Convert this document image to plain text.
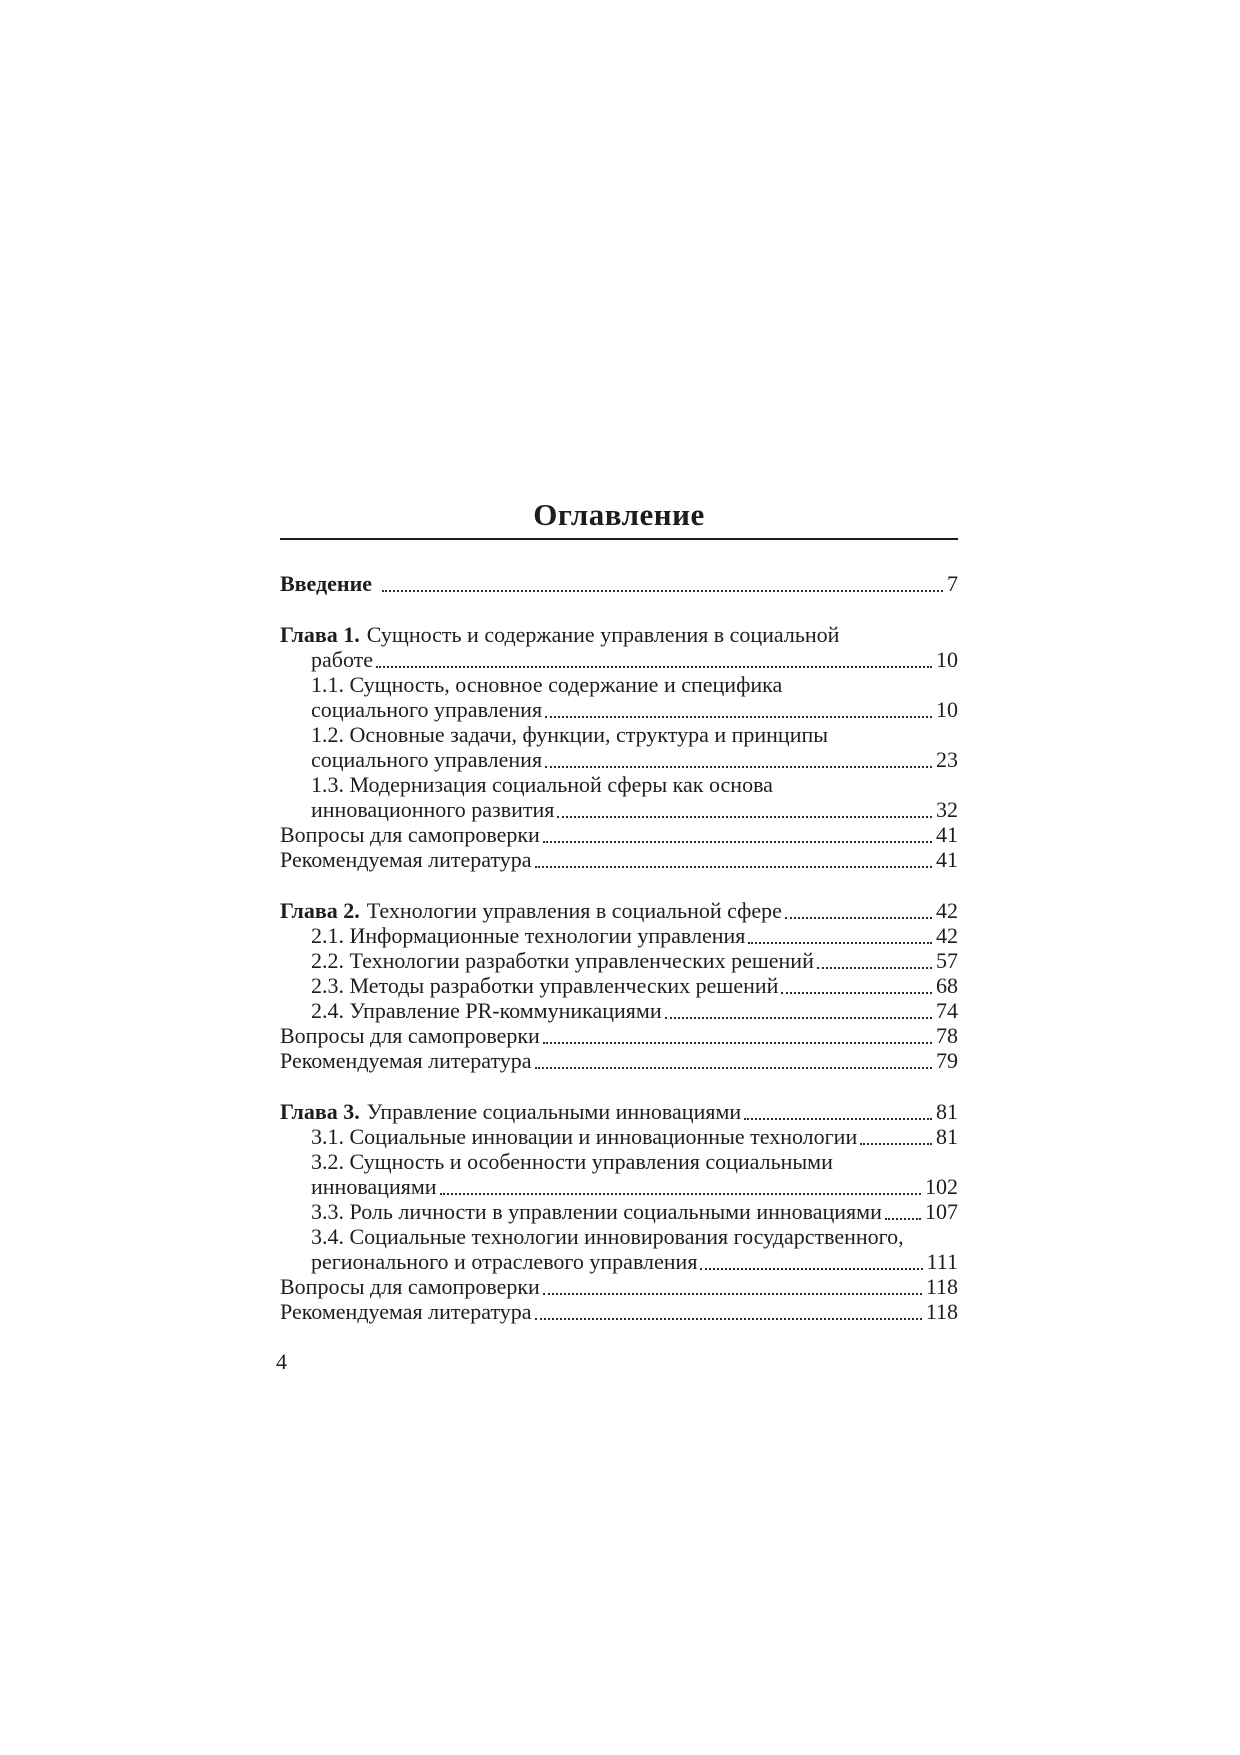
Оглавление
Введение	7
Глава 1. Сущность и содержание управления в социальной
работе	10
1.1. Сущность, основное содержание и специфика
социального управления	10
1.2. Основные задачи, функции, структура и принципы
социального управления	23
1.3. Модернизация социальной сферы как основа
инновационного развития	32
Вопросы для самопроверки	41
Рекомендуемая литература	41
Глава 2. Технологии управления в социальной сфере	42
2.1. Информационные технологии управления	42
2.2. Технологии разработки управленческих решений	57
2.3. Методы разработки управленческих решений	68
2.4. Управление PR-коммуникациями	74
Вопросы для самопроверки	78
Рекомендуемая литература	79
Глава 3. Управление социальными инновациями	81
3.1. Социальные инновации и инновационные технологии	81
3.2. Сущность и особенности управления социальными
инновациями	102
3.3. Роль личности в управлении социальными инновациями 107
3.4. Социальные технологии инновирования государственного,
регионального и отраслевого управления	111
Вопросы для самопроверки	118
Рекомендуемая литература	118
4
